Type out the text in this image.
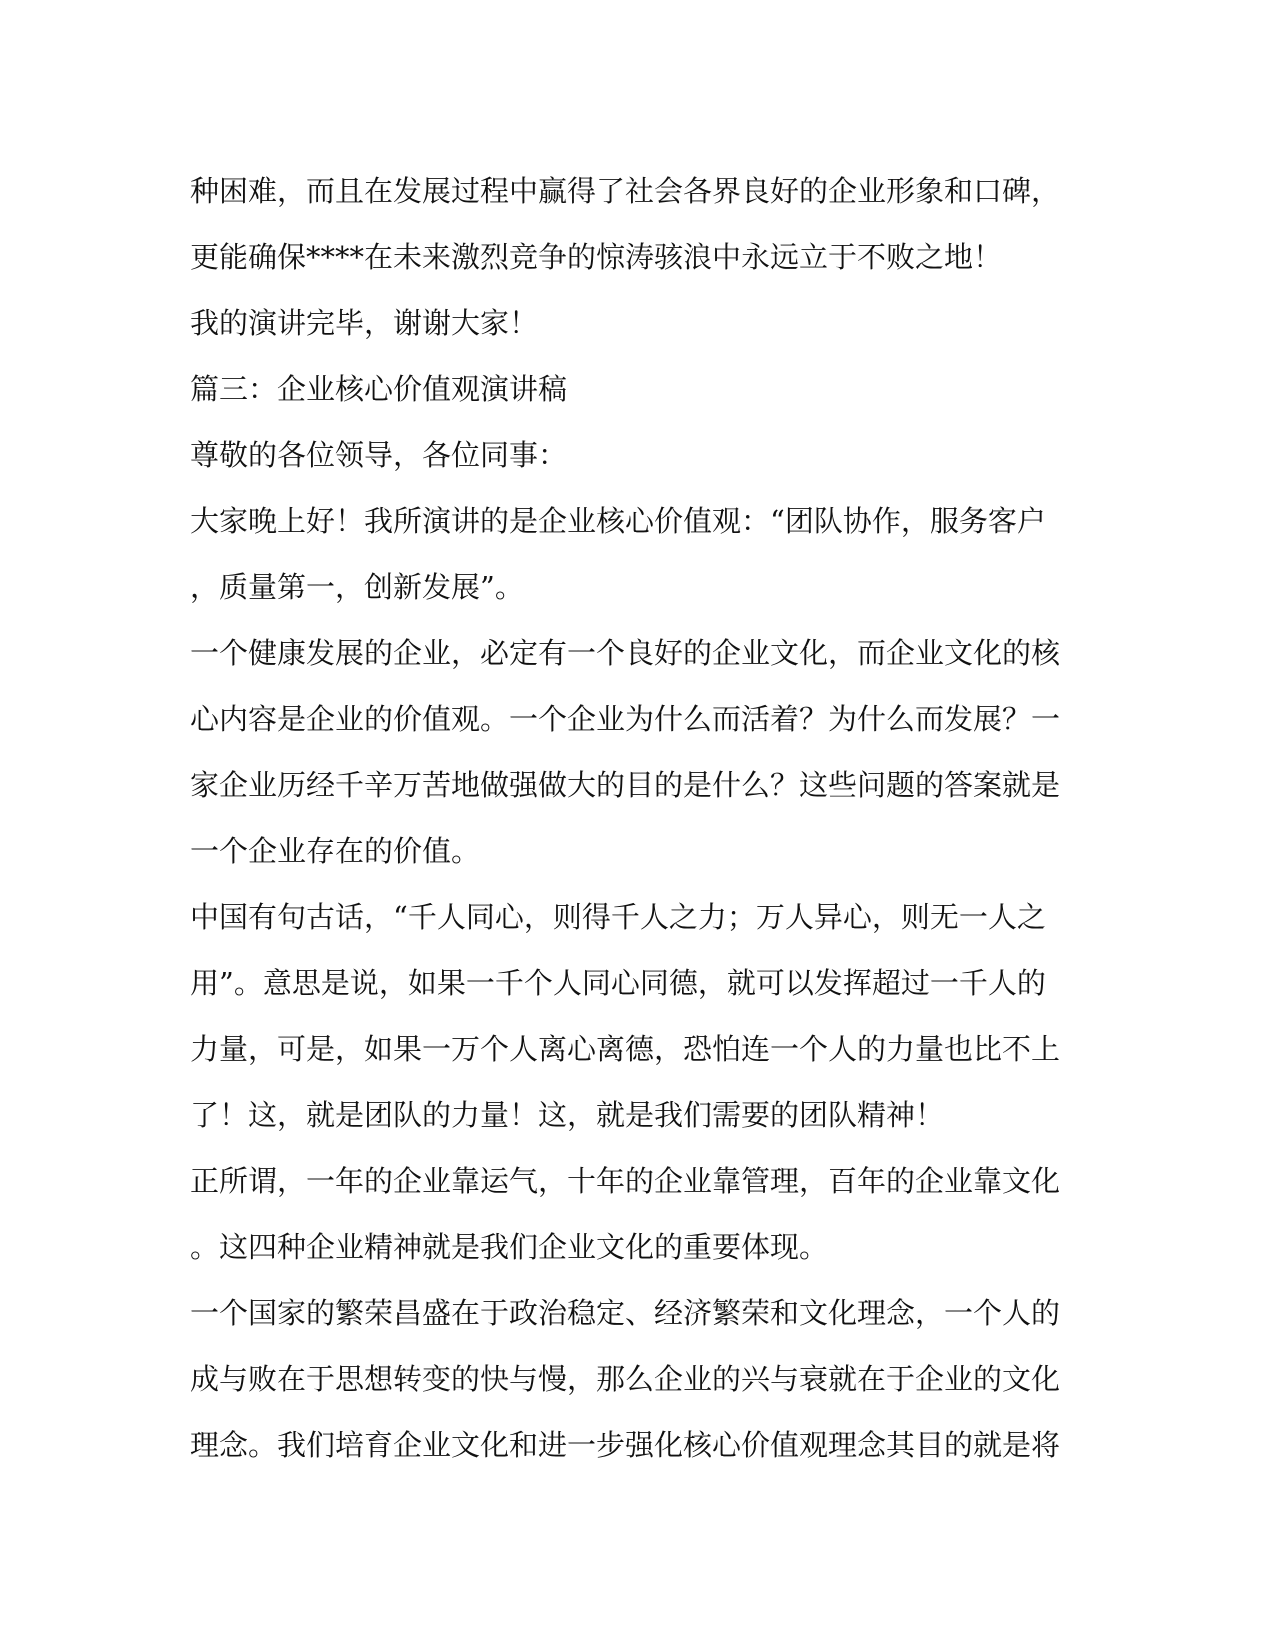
种困难，而且在发展过程中赢得了社会各界良好的企业形象和口碑，
更能确保****在未来激烈竞争的惊涛骇浪中永远立于不败之地！
我的演讲完毕，谢谢大家！
篇三：企业核心价值观演讲稿
尊敬的各位领导，各位同事：
大家晚上好！我所演讲的是企业核心价值观：“团队协作，服务客户
，质量第一，创新发展”。
一个健康发展的企业，必定有一个良好的企业文化，而企业文化的核
心内容是企业的价值观。一个企业为什么而活着？为什么而发展？一
家企业历经千辛万苦地做强做大的目的是什么？这些问题的答案就是
一个企业存在的价值。
中国有句古话，“千人同心，则得千人之力；万人异心，则无一人之
用”。意思是说，如果一千个人同心同德，就可以发挥超过一千人的
力量，可是，如果一万个人离心离德，恐怕连一个人的力量也比不上
了！这，就是团队的力量！这，就是我们需要的团队精神！
正所谓，一年的企业靠运气，十年的企业靠管理，百年的企业靠文化
。这四种企业精神就是我们企业文化的重要体现。
一个国家的繁荣昌盛在于政治稳定、经济繁荣和文化理念，一个人的
成与败在于思想转变的快与慢，那么企业的兴与衰就在于企业的文化
理念。我们培育企业文化和进一步强化核心价值观理念其目的就是将
